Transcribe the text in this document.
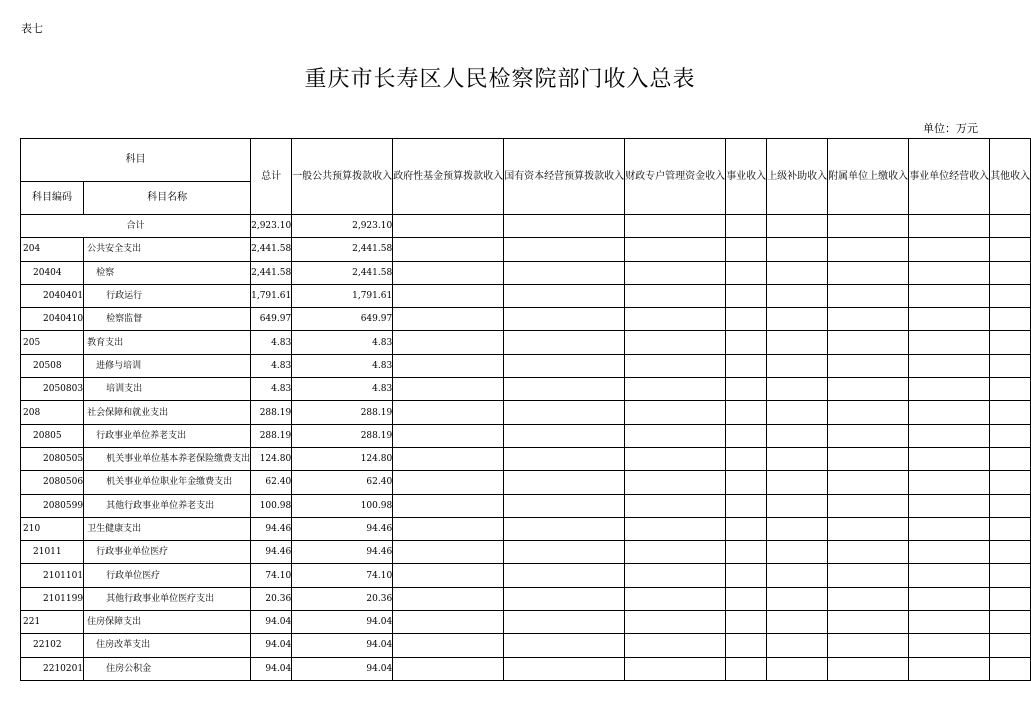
表七
重庆市长寿区人民检察院部门收入总表
单位：万元
科目		总计	一般公共预算拨款收入	政府性基金预算拨款收入	国有资本经营预算拨款收入	财政专户管理资金收入	事业收入	上级补助收入	附属单位上缴收入	事业单位经营收入	其他收入
科目编码	科目名称										
合计		2,923.10	2,923.10								
204	公共安全支出	2,441.58	2,441.58								
20404	检察	2,441.58	2,441.58								
2040401	行政运行	1,791.61	1,791.61								
2040410	检察监督	649.97	649.97								
205	教育支出	4.83	4.83								
20508	进修与培训	4.83	4.83								
2050803	培训支出	4.83	4.83								
208	社会保障和就业支出	288.19	288.19								
20805	行政事业单位养老支出	288.19	288.19								
2080505	机关事业单位基本养老保险缴费支出	124.80	124.80								
2080506	机关事业单位职业年金缴费支出	62.40	62.40								
2080599	其他行政事业单位养老支出	100.98	100.98								
210	卫生健康支出	94.46	94.46								
21011	行政事业单位医疗	94.46	94.46								
2101101	行政单位医疗	74.10	74.10								
2101199	其他行政事业单位医疗支出	20.36	20.36								
221	住房保障支出	94.04	94.04								
22102	住房改革支出	94.04	94.04								
2210201	住房公积金	94.04	94.04								
